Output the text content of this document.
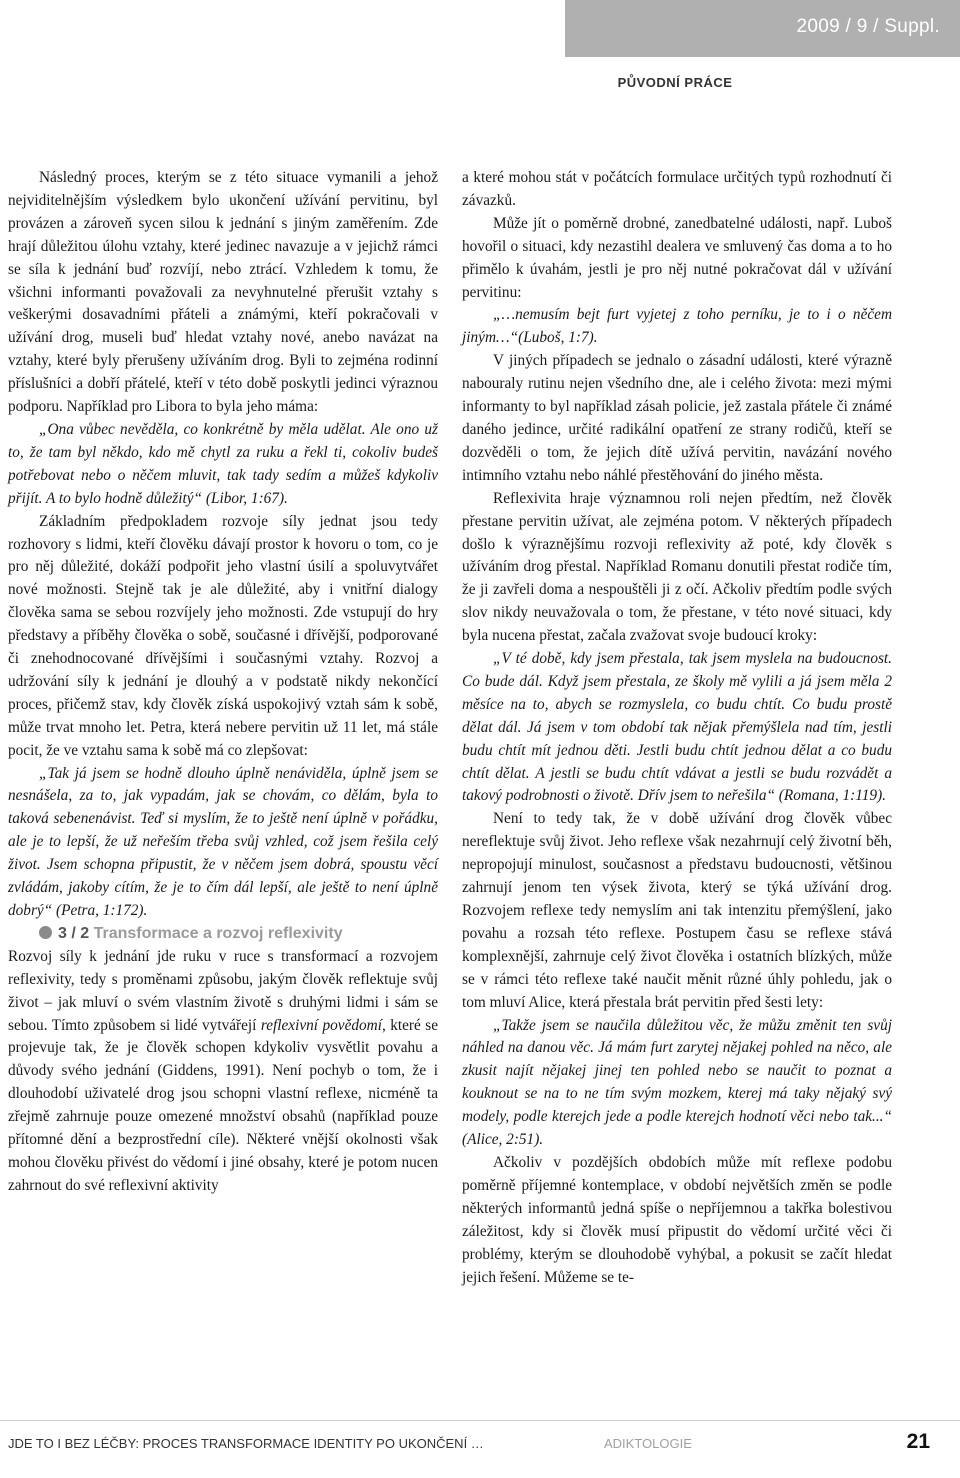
2009 / 9 / Suppl.
PŮVODNÍ PRÁCE

Následný proces, kterým se z této situace vymanili a jehož nejviditelnějším výsledkem bylo ukončení užívání pervitinu, byl provázen a zároveň sycen silou k jednání s jiným zaměřením. Zde hrají důležitou úlohu vztahy, které jedinec navazuje a v jejichž rámci se síla k jednání buď rozvíjí, nebo ztrácí. Vzhledem k tomu, že všichni informanti považovali za nevyhnutelné přerušit vztahy s veškerými dosavadními přáteli a známými, kteří pokračovali v užívání drog, museli buď hledat vztahy nové, anebo navázat na vztahy, které byly přerušeny užíváním drog. Byli to zejména rodinní příslušníci a dobří přátelé, kteří v této době poskytli jedinci výraznou podporu. Například pro Libora to byla jeho máma:

„Ona vůbec nevěděla, co konkrétně by měla udělat. Ale ono už to, že tam byl někdo, kdo mě chytl za ruku a řekl ti, cokoliv budeš potřebovat nebo o něčem mluvit, tak tady sedím a můžeš kdykoliv přijít. A to bylo hodně důležitý“ (Libor, 1:67).

Základním předpokladem rozvoje síly jednat jsou tedy rozhovory s lidmi, kteří člověku dávají prostor k hovoru o tom, co je pro něj důležité, dokáží podpořit jeho vlastní úsilí a spoluvytvářet nové možnosti. Stejně tak je ale důležité, aby i vnitřní dialogy člověka sama se sebou rozvíjely jeho možnosti. Zde vstupují do hry představy a příběhy člověka o sobě, současné i dřívější, podporované či znehodnocované dřívějšími i současnými vztahy. Rozvoj a udržování síly k jednání je dlouhý a v podstatě nikdy nekončící proces, přičemž stav, kdy člověk získá uspokojivý vztah sám k sobě, může trvat mnoho let. Petra, která nebere pervitin už 11 let, má stále pocit, že ve vztahu sama k sobě má co zlepšovat:

„Tak já jsem se hodně dlouho úplně nenáviděla, úplně jsem se nesnášela, za to, jak vypadám, jak se chovám, co dělám, byla to taková sebenenávist. Teď si myslím, že to ještě není úplně v pořádku, ale je to lepší, že už neřeším třeba svůj vzhled, což jsem řešila celý život. Jsem schopna připustit, že v něčem jsem dobrá, spoustu věcí zvládám, jakoby cítím, že je to čím dál lepší, ale ještě to není úplně dobrý“ (Petra, 1:172).

3 / 2 Transformace a rozvoj reflexivity

Rozvoj síly k jednání jde ruku v ruce s transformací a rozvojem reflexivity, tedy s proměnami způsobu, jakým člověk reflektuje svůj život – jak mluví o svém vlastním životě s druhými lidmi i sám se sebou. Tímto způsobem si lidé vytvářejí reflexivní povědomí, které se projevuje tak, že je člověk schopen kdykoliv vysvětlit povahu a důvody svého jednání (Giddens, 1991). Není pochyb o tom, že i dlouhodobí uživatelé drog jsou schopni vlastní reflexe, nicméně ta zřejmě zahrnuje pouze omezené množství obsahů (například pouze přítomné dění a bezprostřední cíle). Některé vnější okolnosti však mohou člověku přivést do vědomí i jiné obsahy, které je potom nucen zahrnout do své reflexivní aktivity

a které mohou stát v počátcích formulace určitých typů rozhodnutí či závazků.

Může jít o poměrně drobné, zanedbatelné události, např. Luboš hovořil o situaci, kdy nezastihl dealera ve smluvený čas doma a to ho přimělo k úvahám, jestli je pro něj nutné pokračovat dál v užívání pervitinu:

„…nemusím bejt furt vyjetej z toho perníku, je to i o něčem jiným…“(Luboš, 1:7).

V jiných případech se jednalo o zásadní události, které výrazně nabouraly rutinu nejen všedního dne, ale i celého života: mezi mými informanty to byl například zásah policie, jež zastala přátele či známé daného jedince, určité radikální opatření ze strany rodičů, kteří se dozvěděli o tom, že jejich dítě užívá pervitin, navázání nového intimního vztahu nebo náhlé přestěhování do jiného města.

Reflexivita hraje významnou roli nejen předtím, než člověk přestane pervitin užívat, ale zejména potom. V některých případech došlo k výraznějšímu rozvoji reflexivity až poté, kdy člověk s užíváním drog přestal. Například Romanu donutili přestat rodiče tím, že ji zavřeli doma a nespouštěli ji z očí. Ačkoliv předtím podle svých slov nikdy neuvažovala o tom, že přestane, v této nové situaci, kdy byla nucena přestat, začala zvažovat svoje budoucí kroky:

„V té době, kdy jsem přestala, tak jsem myslela na budoucnost. Co bude dál. Když jsem přestala, ze školy mě vylili a já jsem měla 2 měsíce na to, abych se rozmyslela, co budu chtít. Co budu prostě dělat dál. Já jsem v tom období tak nějak přemýšlela nad tím, jestli budu chtít mít jednou děti. Jestli budu chtít jednou dělat a co budu chtít dělat. A jestli se budu chtít vdávat a jestli se budu rozvádět a takový podrobnosti o životě. Dřív jsem to neřešila“ (Romana, 1:119).

Není to tedy tak, že v době užívání drog člověk vůbec nereflektuje svůj život. Jeho reflexe však nezahrnují celý životní běh, nepropojují minulost, současnost a představu budoucnosti, většinou zahrnují jenom ten výsek života, který se týká užívání drog. Rozvojem reflexe tedy nemyslím ani tak intenzitu přemýšlení, jako povahu a rozsah této reflexe. Postupem času se reflexe stává komplexnější, zahrnuje celý život člověka i ostatních blízkých, může se v rámci této reflexe také naučit měnit různé úhly pohledu, jak o tom mluví Alice, která přestala brát pervitin před šesti lety:

„Takže jsem se naučila důležitou věc, že můžu změnit ten svůj náhled na danou věc. Já mám furt zarytej nějakej pohled na něco, ale zkusit najít nějakej jinej ten pohled nebo se naučit to poznat a kouknout se na to ne tím svým mozkem, kterej má taky nějaký svý modely, podle kterejch jede a podle kterejch hodnotí věci nebo tak...“ (Alice, 2:51).

Ačkoliv v pozdějších obdobích může mít reflexe podobu poměrně příjemné kontemplace, v období největších změn se podle některých informantů jedná spíše o nepříjemnou a takřka bolestivou záležitost, kdy si člověk musí připustit do vědomí určité věci či problémy, kterým se dlouhodobě vyhýbal, a pokusit se začít hledat jejich řešení. Můžeme se te-

JDE TO I BEZ LÉČBY: PROCES TRANSFORMACE IDENTITY PO UKONČENÍ …	ADIKTOLOGIE	21
